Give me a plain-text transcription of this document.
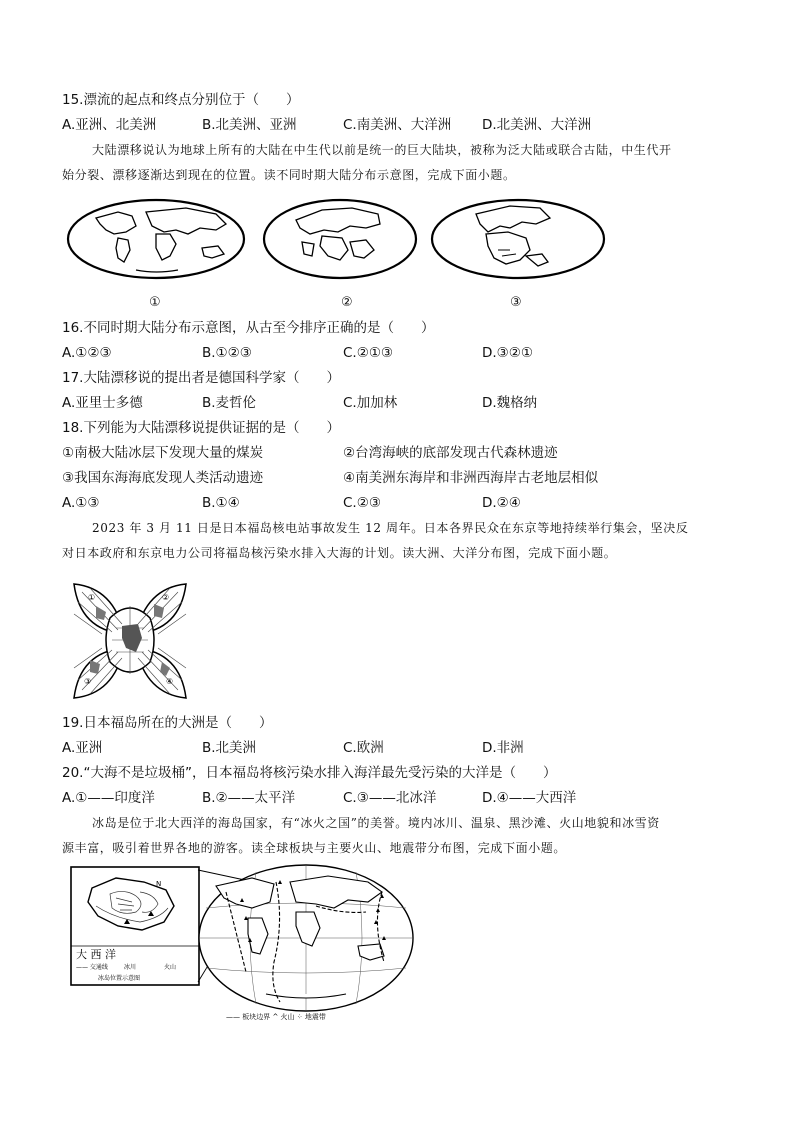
15.漂流的起点和终点分别位于（　　）
A.亚洲、北美洲	B.北美洲、亚洲	C.南美洲、大洋洲 D.北美洲、大洋洲
大陆漂移说认为地球上所有的大陆在中生代以前是统一的巨大陆块，被称为泛大陆或联合古陆，中生代开
始分裂、漂移逐渐达到现在的位置。读不同时期大陆分布示意图，完成下面小题。
①	②	③
16.不同时期大陆分布示意图，从古至今排序正确的是（　　）
A.①②③	B.①②③	C.②①③	D.③②①
17.大陆漂移说的提出者是德国科学家（　　）
A.亚里士多德	B.麦哲伦	C.加加林	D.魏格纳
18.下列能为大陆漂移说提供证据的是（　　）
①南极大陆冰层下发现大量的煤炭	②台湾海峡的底部发现古代森林遗迹
③我国东海海底发现人类活动遗迹	④南美洲东海岸和非洲西海岸古老地层相似
A.①③	B.①④	C.②③	D.②④
2023 年 3 月 11 日是日本福岛核电站事故发生 12 周年。日本各界民众在东京等地持续举行集会，坚决反
对日本政府和东京电力公司将福岛核污染水排入大海的计划。读大洲、大洋分布图，完成下面小题。
①	②
③	④
19.日本福岛所在的大洲是（　　）
A.亚洲	B.北美洲	C.欧洲	D.非洲
20.“大海不是垃圾桶”，日本福岛将核污染水排入海洋最先受污染的大洋是（　　）
A.①——印度洋	B.②——太平洋	C.③——北冰洋	D.④——大西洋
冰岛是位于北大西洋的海岛国家，有“冰火之国”的美誉。境内冰川、温泉、黑沙滩、火山地貌和冰雪资
源丰富，吸引着世界各地的游客。读全球板块与主要火山、地震带分布图，完成下面小题。
N
大 西 洋
—— 交通线	冰川	火山
冰岛位置示意图
—— 板块边界 ^ 火山 ⁘ 地震带
